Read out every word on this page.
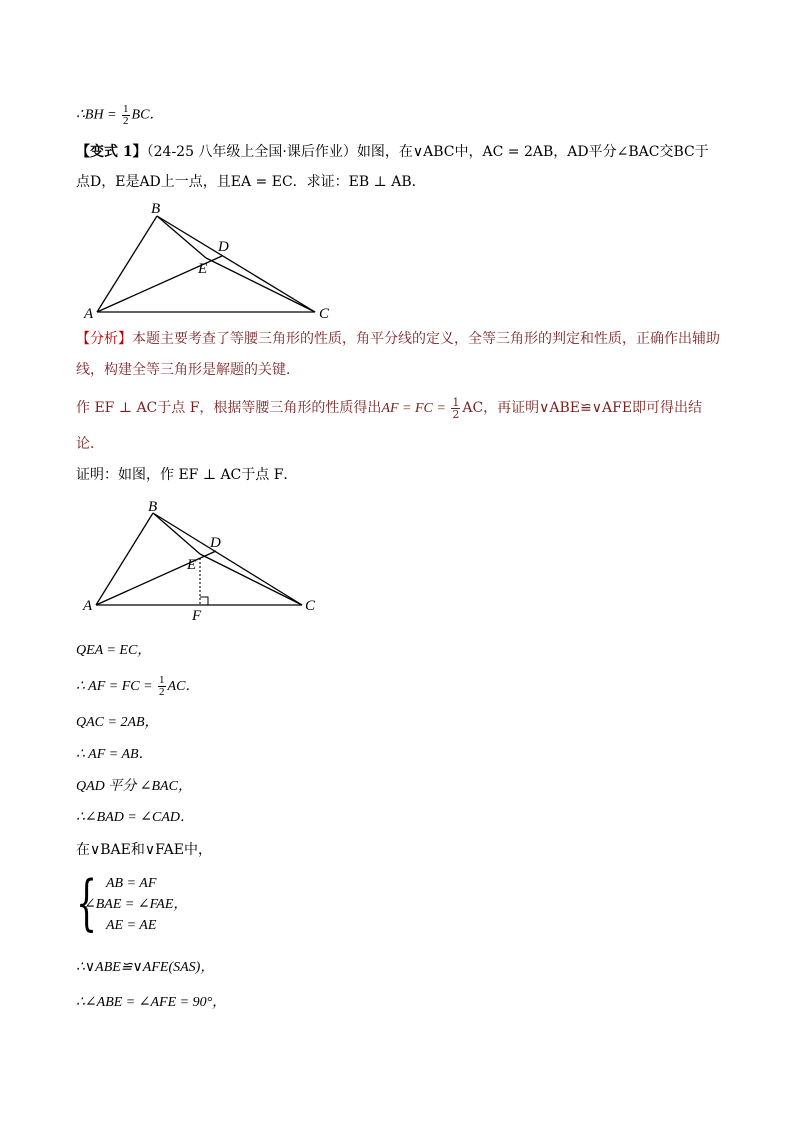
∴BH = $\frac{1}{2}$ BC．
【变式 1】（24-25 八年级上全国·课后作业）如图，在∨ABC中，AC = 2AB，AD平分∠BAC交BC于
点D，E是AD上一点，且EA = EC．求证：EB ⊥ AB．
B
D
E
A	C
【分析】本题主要考查了等腰三角形的性质，角平分线的定义，全等三角形的判定和性质，正确作出辅助
线，构建全等三角形是解题的关键．
作 EF ⊥ AC于点 F，根据等腰三角形的性质得出AF = FC = $\frac{1}{2}$ AC，再证明∨ABE≌∨AFE即可得出结
论．
证明：如图，作 EF ⊥ AC于点 F．
B
D
E
A	C
F
QEA = EC，
∴ AF = FC = $\frac{1}{2}$ AC．
QAC = 2AB，
∴ AF = AB．
QAD 平分 ∠BAC，
∴∠BAD = ∠CAD．
在∨BAE和∨FAE中，
{ AB = AF
∠BAE = ∠FAE，
AE = AE
∴∨ABE≌∨AFE(SAS)，
∴∠ABE = ∠AFE = 90°，
